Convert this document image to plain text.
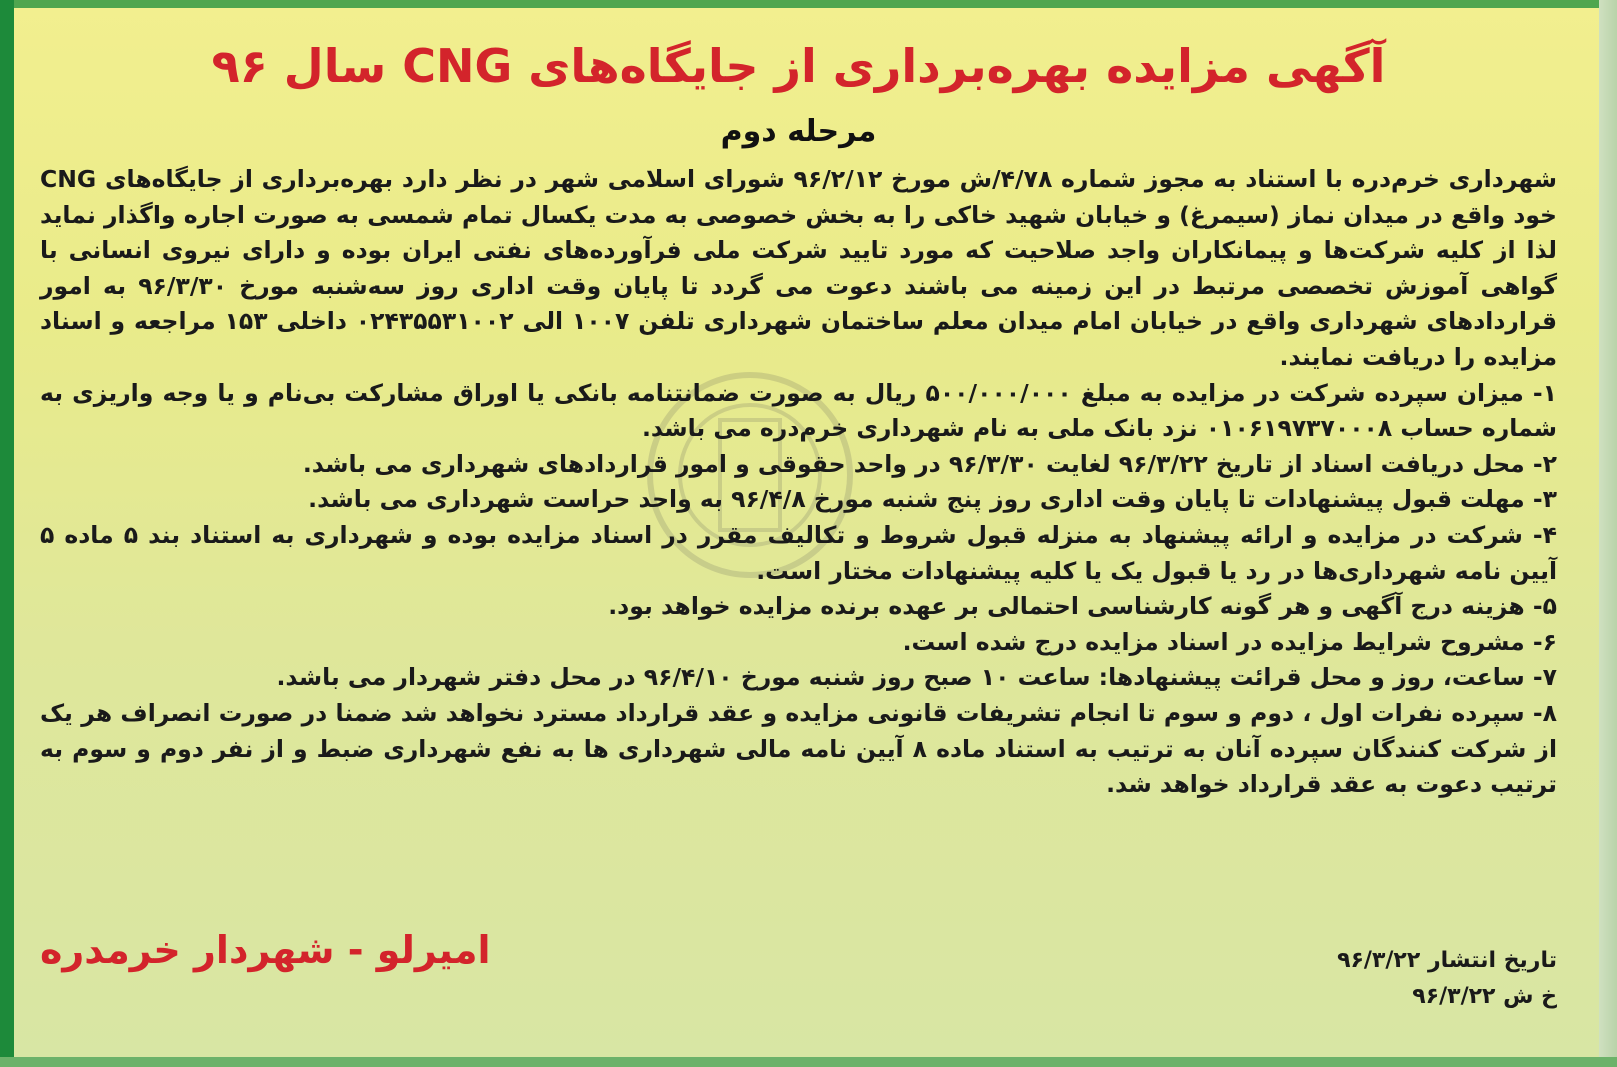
آگهی مزایده بهره‌برداری از جایگاه‌های CNG سال ۹۶
مرحله دوم

شهرداری خرم‌دره با استناد به مجوز شماره ۴/۷۸/ش مورخ ۹۶/۲/۱۲ شورای اسلامی شهر در نظر دارد بهره‌برداری از جایگاه‌های CNG خود واقع در میدان نماز (سیمرغ) و خیابان شهید خاکی را به بخش خصوصی به مدت یکسال تمام شمسی به صورت اجاره واگذار نماید لذا از کلیه شرکت‌ها و پیمانکاران واجد صلاحیت که مورد تایید شرکت ملی فرآورده‌های نفتی ایران بوده و دارای نیروی انسانی با گواهی آموزش تخصصی مرتبط در این زمینه می باشند دعوت می گردد تا پایان وقت اداری روز سه‌شنبه مورخ ۹۶/۳/۳۰ به امور قراردادهای شهرداری واقع در خیابان امام میدان معلم ساختمان شهرداری تلفن ۱۰۰۷ الی ۰۲۴۳۵۵۳۱۰۰۲ داخلی ۱۵۳ مراجعه و اسناد مزایده را دریافت نمایند.

۱- میزان سپرده شرکت در مزایده به مبلغ ۵۰۰/۰۰۰/۰۰۰ ریال به صورت ضمانتنامه بانکی یا اوراق مشارکت بی‌نام و یا وجه واریزی به شماره حساب ۰۱۰۶۱۹۷۳۷۰۰۰۸ نزد بانک ملی به نام شهرداری خرم‌دره می باشد.

۲- محل دریافت اسناد از تاریخ ۹۶/۳/۲۲ لغایت ۹۶/۳/۳۰ در واحد حقوقی و امور قراردادهای شهرداری می باشد.

۳- مهلت قبول پیشنهادات تا پایان وقت اداری روز پنج شنبه مورخ ۹۶/۴/۸ به واحد حراست شهرداری می باشد.

۴- شرکت در مزایده و ارائه پیشنهاد به منزله قبول شروط و تکالیف مقرر در اسناد مزایده بوده و شهرداری به استناد بند ۵ ماده ۵ آیین نامه شهرداری‌ها در رد یا قبول یک یا کلیه پیشنهادات مختار است.

۵- هزینه درج آگهی و هر گونه کارشناسی احتمالی بر عهده برنده مزایده خواهد بود.

۶- مشروح شرایط مزایده در اسناد مزایده درج شده است.

۷- ساعت، روز و محل قرائت پیشنهادها: ساعت ۱۰ صبح روز شنبه مورخ ۹۶/۴/۱۰ در محل دفتر شهردار می باشد.

۸- سپرده نفرات اول ، دوم و سوم تا انجام تشریفات قانونی مزایده و عقد قرارداد مسترد نخواهد شد ضمنا در صورت انصراف هر یک از شرکت کنندگان سپرده آنان به ترتیب به استناد ماده ۸ آیین نامه مالی شهرداری ها به نفع شهرداری ضبط و از نفر دوم و سوم به ترتیب دعوت به عقد قرارداد خواهد شد.

تاریخ انتشار ۹۶/۳/۲۲
خ ش ۹۶/۳/۲۲
امیرلو - شهردار خرمدره
